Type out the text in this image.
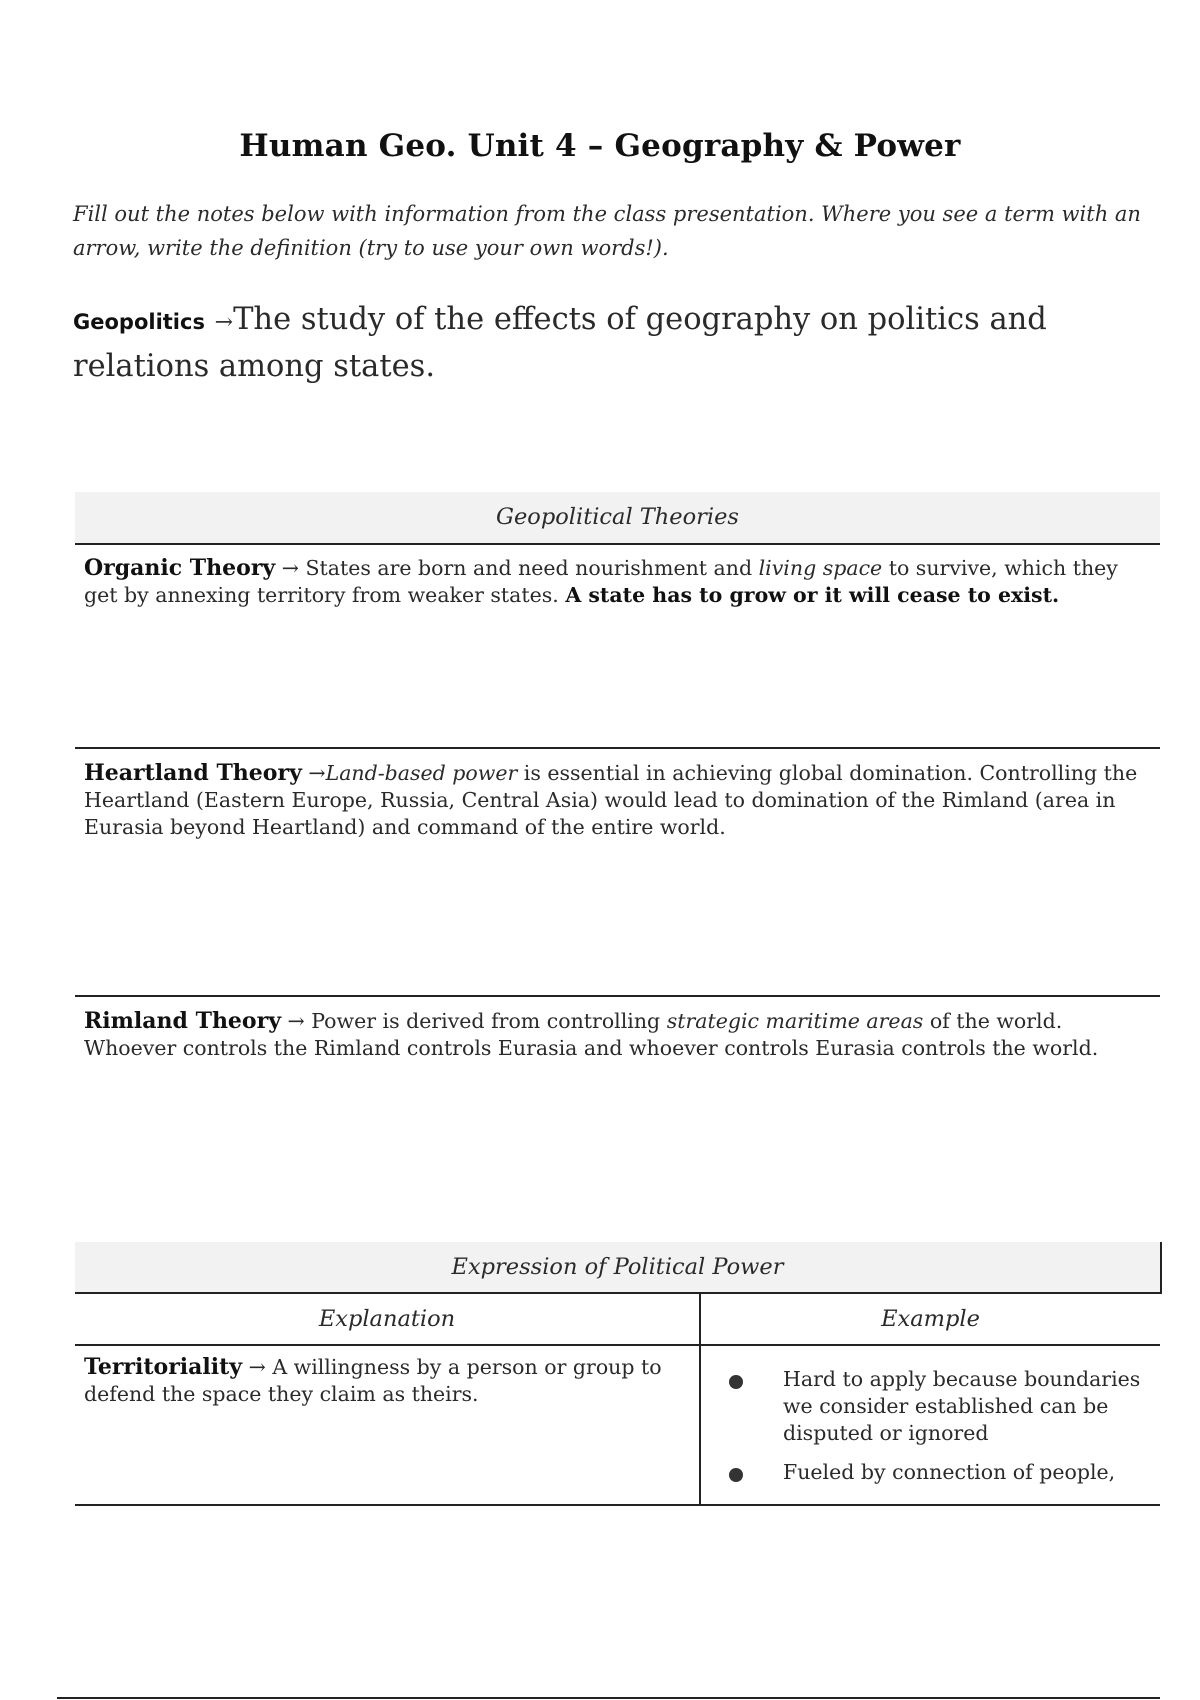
Human Geo. Unit 4 – Geography & Power
Fill out the notes below with information from the class presentation. Where you see a term with an arrow, write the definition (try to use your own words!).
Geopolitics →The study of the effects of geography on politics and relations among states.
Geopolitical Theories
Organic Theory → States are born and need nourishment and living space to survive, which they get by annexing territory from weaker states. A state has to grow or it will cease to exist.
Heartland Theory →Land-based power is essential in achieving global domination. Controlling the Heartland (Eastern Europe, Russia, Central Asia) would lead to domination of the Rimland (area in Eurasia beyond Heartland) and command of the entire world.
Rimland Theory → Power is derived from controlling strategic maritime areas of the world. Whoever controls the Rimland controls Eurasia and whoever controls Eurasia controls the world.
Expression of Political Power
Explanation	Example
Territoriality → A willingness by a person or group to defend the space they claim as theirs.
Hard to apply because boundaries we consider established can be disputed or ignored
Fueled by connection of people,
